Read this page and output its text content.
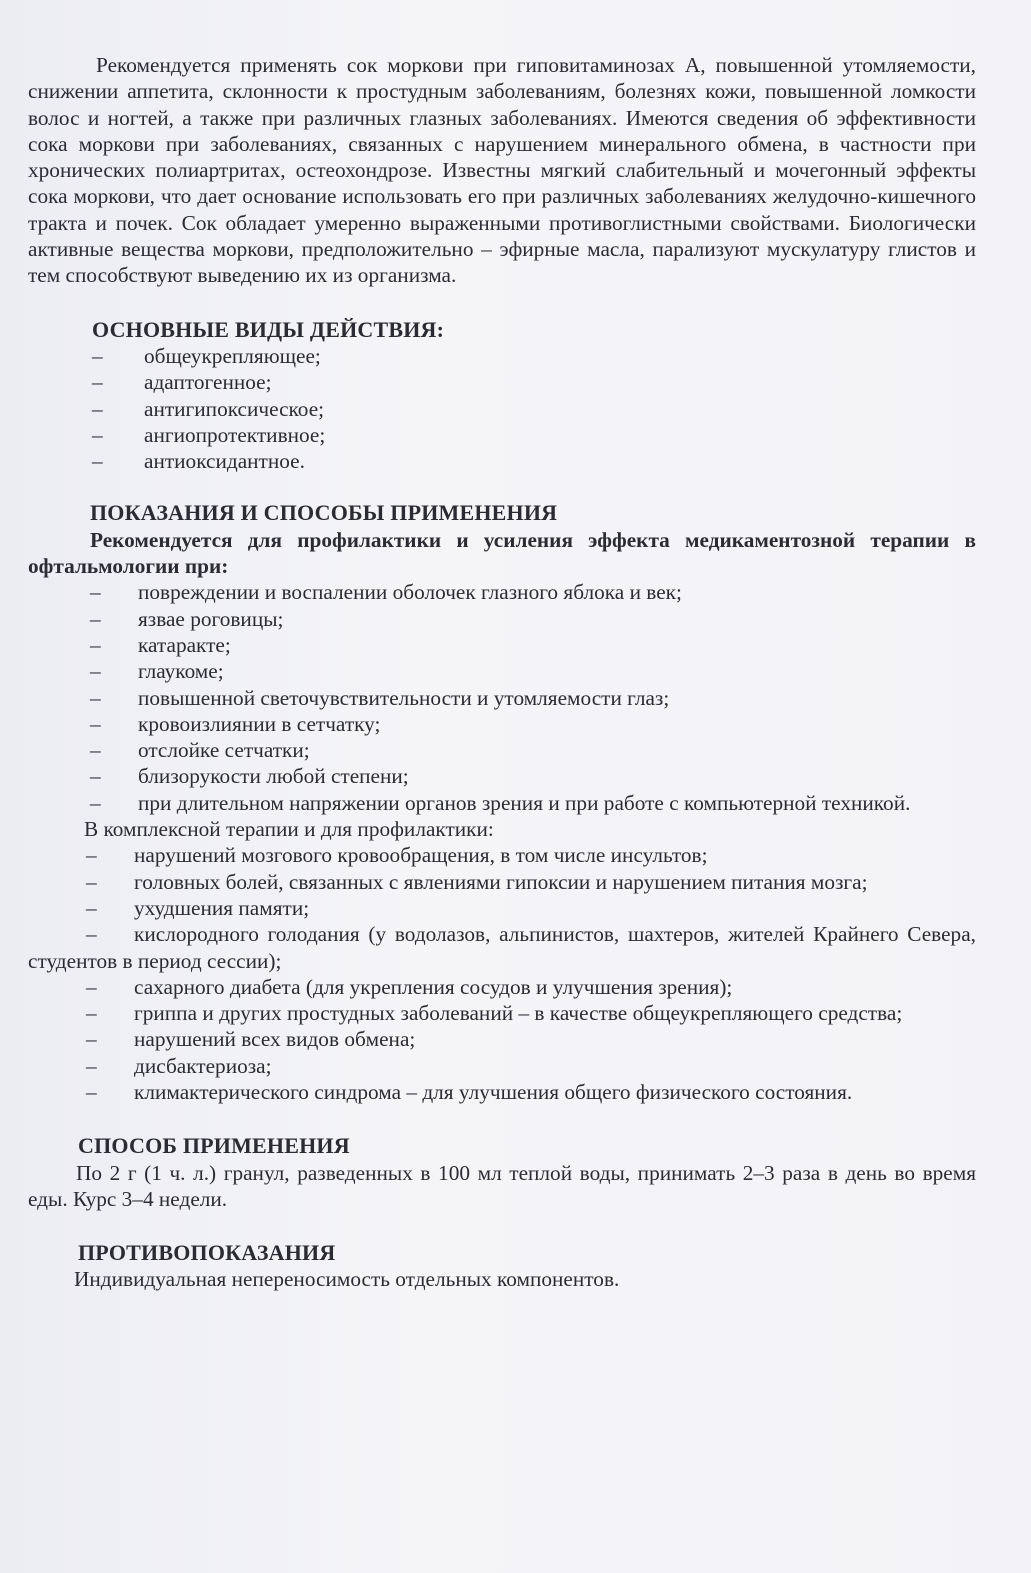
Рекомендуется применять сок моркови при гиповитаминозах А, повышенной утомляемости, снижении аппетита, склонности к простудным заболеваниям, болезнях кожи, повышенной ломкости волос и ногтей, а также при различных глазных заболеваниях. Имеются сведения об эффективности сока моркови при заболеваниях, связанных с нарушением минерального обмена, в частности при хронических полиартритах, остеохондрозе. Известны мягкий слабительный и мочегонный эффекты сока моркови, что дает основание использовать его при различных заболеваниях желудочно-кишечного тракта и почек. Сок обладает умеренно выраженными противоглистными свойствами. Биологически активные вещества моркови, предположительно – эфирные масла, парализуют мускулатуру глистов и тем способствуют выведению их из организма.

ОСНОВНЫЕ ВИДЫ ДЕЙСТВИЯ:
–	общеукрепляющее;
–	адаптогенное;
–	антигипоксическое;
–	ангиопротективное;
–	антиоксидантное.
ПОКАЗАНИЯ И СПОСОБЫ ПРИМЕНЕНИЯ

Рекомендуется для профилактики и усиления эффекта медикаментозной терапии в офтальмологии при:

–	повреждении и воспалении оболочек глазного яблока и век;
–	язвае роговицы;
–	катаракте;
–	глаукоме;
–	повышенной светочувствительности и утомляемости глаз;
–	кровоизлиянии в сетчатку;
–	отслойке сетчатки;
–	близорукости любой степени;
–	при длительном напряжении органов зрения и при работе с компьютерной техникой.

В комплексной терапии и для профилактики:

–	нарушений мозгового кровообращения, в том числе инсультов;
–	головных болей, связанных с явлениями гипоксии и нарушением питания мозга;
–	ухудшения памяти;
–	кислородного голодания (у водолазов, альпинистов, шахтеров, жителей Крайнего Севера, студентов в период сессии);
–	сахарного диабета (для укрепления сосудов и улучшения зрения);
–	гриппа и других простудных заболеваний – в качестве общеукрепляющего средства;
–	нарушений всех видов обмена;
–	дисбактериоза;
–	климактерического синдрома – для улучшения общего физического состояния.
СПОСОБ ПРИМЕНЕНИЯ

По 2 г (1 ч. л.) гранул, разведенных в 100 мл теплой воды, принимать 2–3 раза в день во время еды. Курс 3–4 недели.

ПРОТИВОПОКАЗАНИЯ

Индивидуальная непереносимость отдельных компонентов.
